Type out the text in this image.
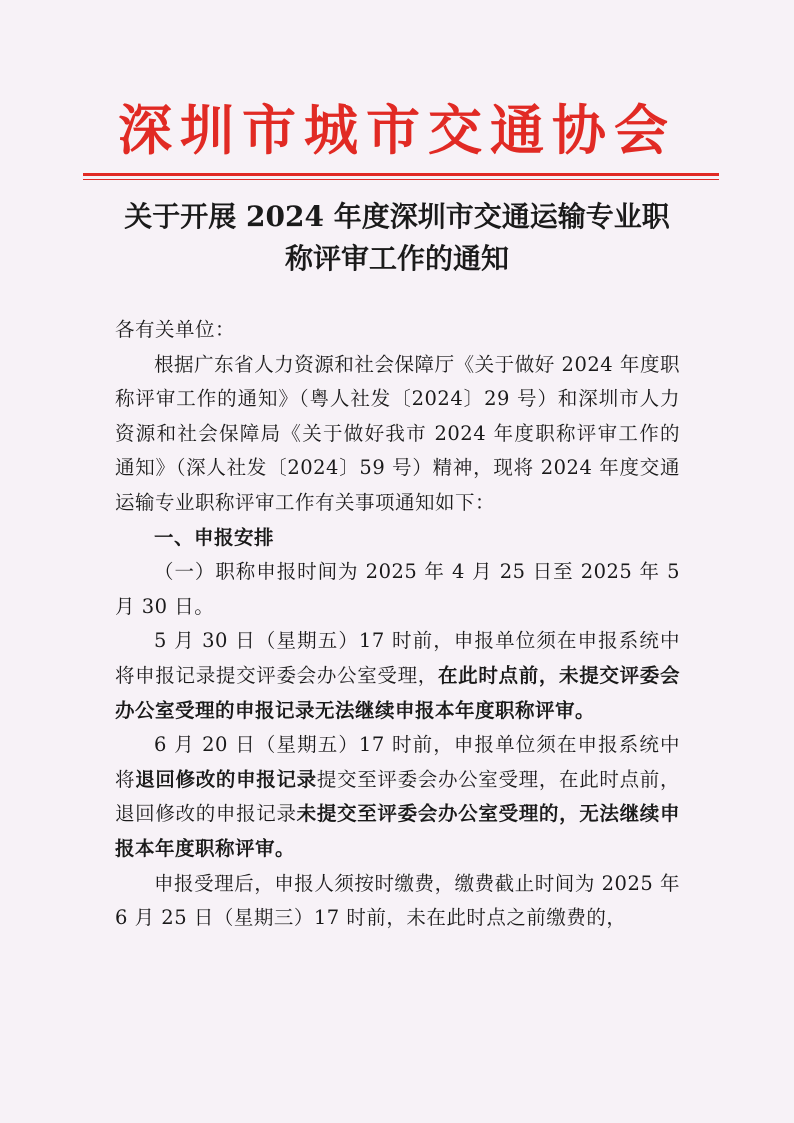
深圳市城市交通协会
关于开展 2024 年度深圳市交通运输专业职
称评审工作的通知

各有关单位：

根据广东省人力资源和社会保障厅《关于做好 2024 年度职称评审工作的通知》（粤人社发〔2024〕29 号）和深圳市人力资源和社会保障局《关于做好我市 2024 年度职称评审工作的通知》（深人社发〔2024〕59 号）精神，现将 2024 年度交通运输专业职称评审工作有关事项通知如下：

一、申报安排

（一）职称申报时间为 2025 年 4 月 25 日至 2025 年 5 月 30 日。

5 月 30 日（星期五）17 时前，申报单位须在申报系统中将申报记录提交评委会办公室受理，在此时点前，未提交评委会办公室受理的申报记录无法继续申报本年度职称评审。

6 月 20 日（星期五）17 时前，申报单位须在申报系统中将退回修改的申报记录提交至评委会办公室受理，在此时点前，退回修改的申报记录未提交至评委会办公室受理的，无法继续申报本年度职称评审。

申报受理后，申报人须按时缴费，缴费截止时间为 2025 年 6 月 25 日（星期三）17 时前，未在此时点之前缴费的，
